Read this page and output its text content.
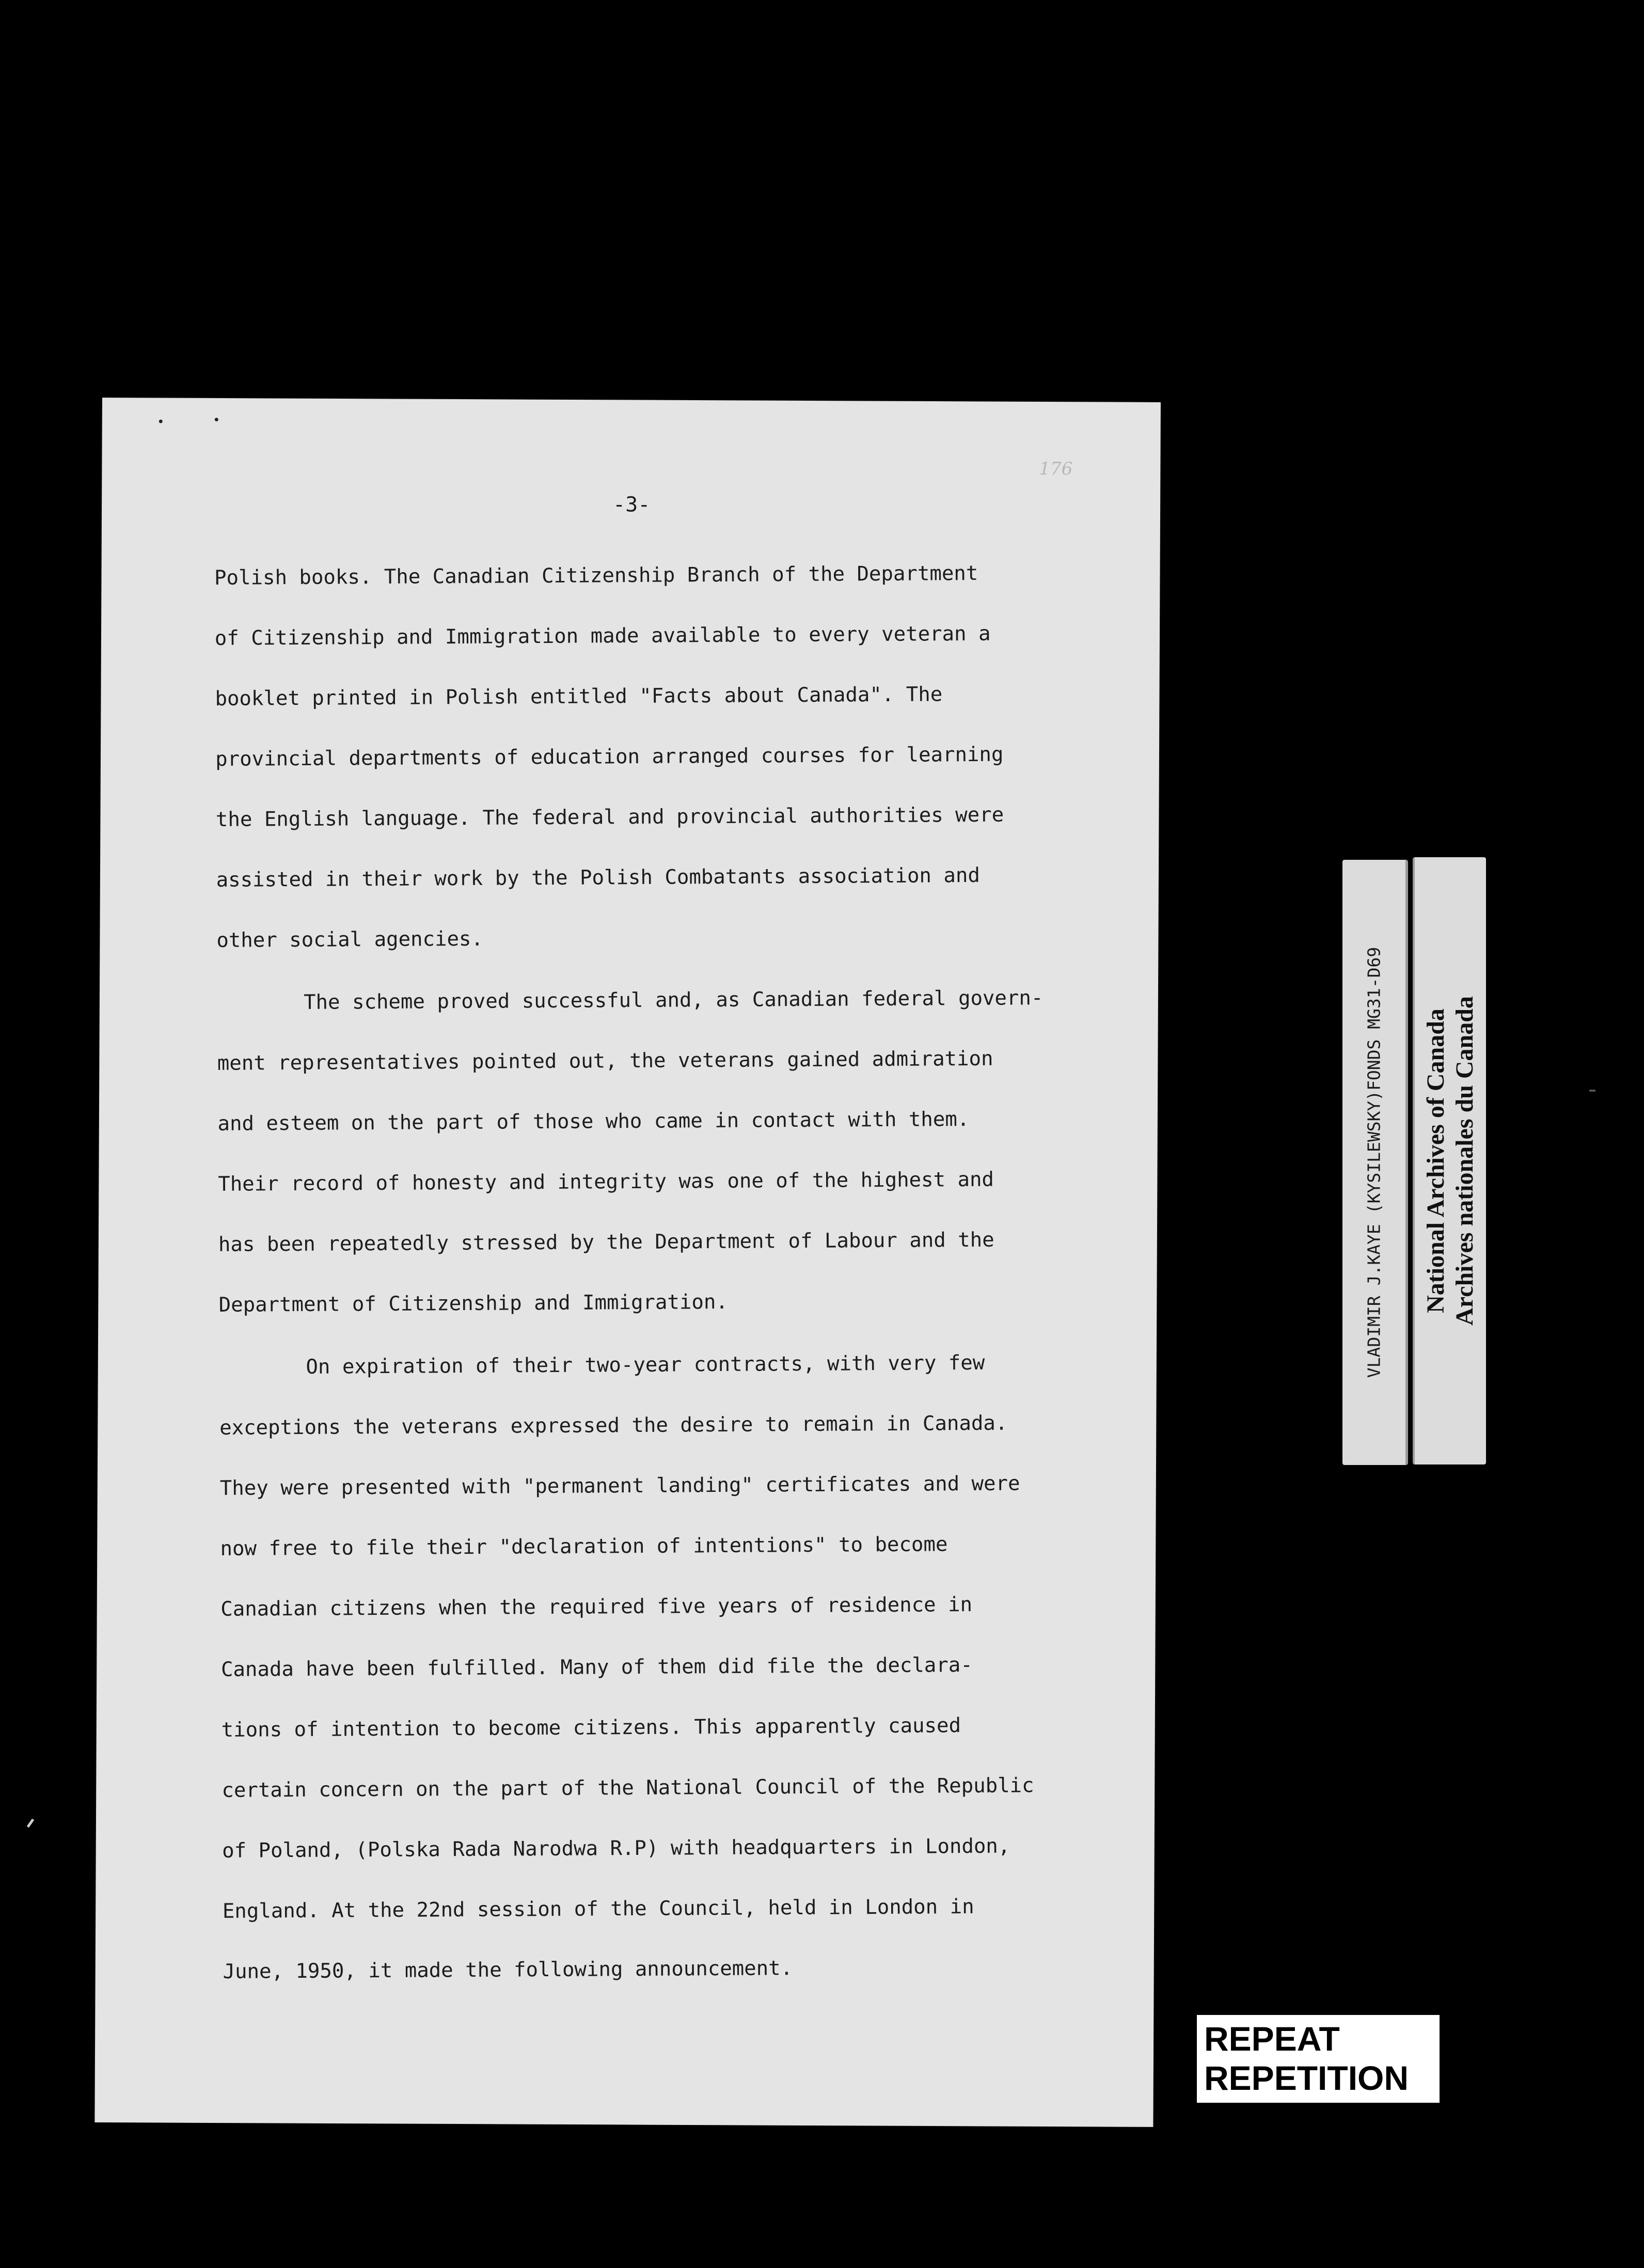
176
-3-
Polish books. The Canadian Citizenship Branch of the Department
of Citizenship and Immigration made available to every veteran a
booklet printed in Polish entitled "Facts about Canada". The
provincial departments of education arranged courses for learning
the English language. The federal and provincial authorities were
assisted in their work by the Polish Combatants association and
other social agencies.
The scheme proved successful and, as Canadian federal govern-
ment representatives pointed out, the veterans gained admiration
and esteem on the part of those who came in contact with them.
Their record of honesty and integrity was one of the highest and
has been repeatedly stressed by the Department of Labour and the
Department of Citizenship and Immigration.
On expiration of their two-year contracts, with very few
exceptions the veterans expressed the desire to remain in Canada.
They were presented with "permanent landing" certificates and were
now free to file their "declaration of intentions" to become
Canadian citizens when the required five years of residence in
Canada have been fulfilled. Many of them did file the declara-
tions of intention to become citizens. This apparently caused
certain concern on the part of the National Council of the Republic
of Poland, (Polska Rada Narodwa R.P) with headquarters in London,
England. At the 22nd session of the Council, held in London in
June, 1950, it made the following announcement.
VLADIMIR J.KAYE (KYSILEWSKY)FONDS MG31-D69 National Archives of Canada Archives nationales du Canada
REPEAT
REPETITION
